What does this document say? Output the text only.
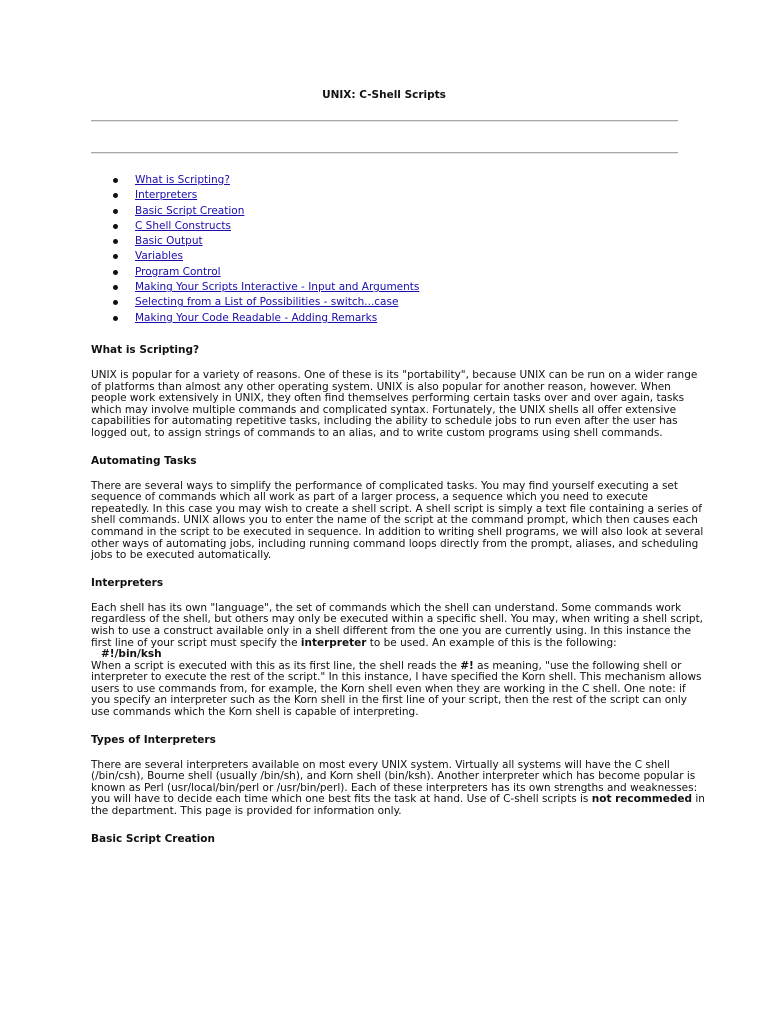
UNIX: C-Shell Scripts
What is Scripting?
Interpreters
Basic Script Creation
C Shell Constructs
Basic Output
Variables
Program Control
Making Your Scripts Interactive - Input and Arguments
Selecting from a List of Possibilities - switch...case
Making Your Code Readable - Adding Remarks
What is Scripting?

UNIX is popular for a variety of reasons. One of these is its "portability", because UNIX can be run on a wider range

of platforms than almost any other operating system. UNIX is also popular for another reason, however. When

people work extensively in UNIX, they often find themselves performing certain tasks over and over again, tasks

which may involve multiple commands and complicated syntax. Fortunately, the UNIX shells all offer extensive

capabilities for automating repetitive tasks, including the ability to schedule jobs to run even after the user has

logged out, to assign strings of commands to an alias, and to write custom programs using shell commands.

Automating Tasks

There are several ways to simplify the performance of complicated tasks. You may find yourself executing a set

sequence of commands which all work as part of a larger process, a sequence which you need to execute

repeatedly. In this case you may wish to create a shell script. A shell script is simply a text file containing a series of

shell commands. UNIX allows you to enter the name of the script at the command prompt, which then causes each

command in the script to be executed in sequence. In addition to writing shell programs, we will also look at several

other ways of automating jobs, including running command loops directly from the prompt, aliases, and scheduling

jobs to be executed automatically.

Interpreters

Each shell has its own "language", the set of commands which the shell can understand. Some commands work

regardless of the shell, but others may only be executed within a specific shell. You may, when writing a shell script,

wish to use a construct available only in a shell different from the one you are currently using. In this instance the

first line of your script must specify the interpreter to be used. An example of this is the following:

#!/bin/ksh

When a script is executed with this as its first line, the shell reads the #! as meaning, "use the following shell or

interpreter to execute the rest of the script." In this instance, I have specified the Korn shell. This mechanism allows

users to use commands from, for example, the Korn shell even when they are working in the C shell. One note: if

you specify an interpreter such as the Korn shell in the first line of your script, then the rest of the script can only

use commands which the Korn shell is capable of interpreting.

Types of Interpreters

There are several interpreters available on most every UNIX system. Virtually all systems will have the C shell

(/bin/csh), Bourne shell (usually /bin/sh), and Korn shell (bin/ksh). Another interpreter which has become popular is

known as Perl (usr/local/bin/perl or /usr/bin/perl). Each of these interpreters has its own strengths and weaknesses:

you will have to decide each time which one best fits the task at hand. Use of C-shell scripts is not recommeded in

the department. This page is provided for information only.

Basic Script Creation
